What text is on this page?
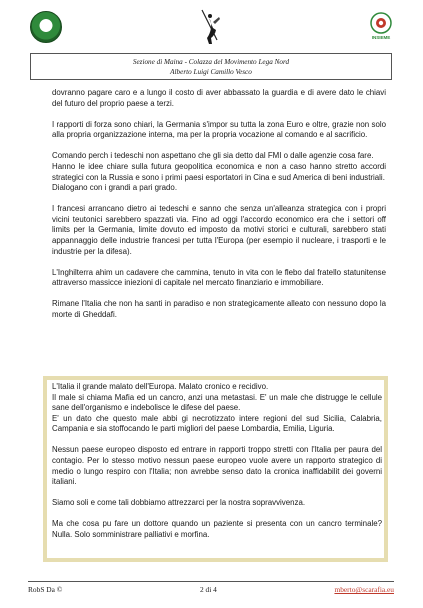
INSIEME
Sezione di Maina - Colazza del Movimento Lega Nord
Alberto Luigi Camillo Vesco

dovranno pagare caro e a lungo il costo di aver abbassato la guardia e di avere dato le chiavi del futuro del proprio paese a terzi.

I rapporti di forza sono chiari, la Germania s'impor su tutta la zona Euro e oltre, grazie non solo alla propria organizzazione interna, ma per la propria vocazione al comando e al sacrificio.

Comando perch i tedeschi non aspettano che gli sia detto dal FMI o dalle agenzie cosa fare.

Hanno le idee chiare sulla futura geopolitica economica e non a caso hanno stretto accordi strategici con la Russia e sono i primi paesi esportatori in Cina e sud America di beni industriali.

Dialogano con i grandi a pari grado.

I francesi arrancano dietro ai tedeschi e sanno che senza un'alleanza strategica con i propri vicini teutonici sarebbero spazzati via. Fino ad oggi l'accordo economico era che i settori off limits per la Germania, limite dovuto ed imposto da motivi storici e culturali, sarebbero stati appannaggio delle industrie francesi per tutta l'Europa (per esempio il nucleare, i trasporti e le industrie per la difesa).

L'Inghilterra ahim un cadavere che cammina, tenuto in vita con le flebo dal fratello statunitense attraverso massicce iniezioni di capitale nel mercato finanziario e immobiliare.

Rimane l'Italia che non ha santi in paradiso e non strategicamente alleato con nessuno dopo la morte di Gheddafi.

L'Italia il grande malato dell'Europa. Malato cronico e recidivo.

Il male si chiama Mafia ed un cancro, anzi una metastasi. E' un male che distrugge le cellule sane dell'organismo e indebolisce le difese del paese.

E' un dato che questo male abbi gi necrotizzato intere regioni del sud Sicilia, Calabria, Campania e sia stoffocando le parti migliori del paese Lombardia, Emilia, Liguria.

Nessun paese europeo disposto ed entrare in rapporti troppo stretti con l'Italia per paura del contagio. Per lo stesso motivo nessun paese europeo vuole avere un rapporto strategico di medio o lungo respiro con l'Italia; non avrebbe senso dato la cronica inaffidabilit dei governi italiani.

Siamo soli e come tali dobbiamo attrezzarci per la nostra sopravvivenza.

Ma che cosa pu fare un dottore quando un paziente si presenta con un cancro terminale? Nulla. Solo somministrare palliativi e morfina.

RobS Da ©	2 di 4	mberto@scarafia.eu
